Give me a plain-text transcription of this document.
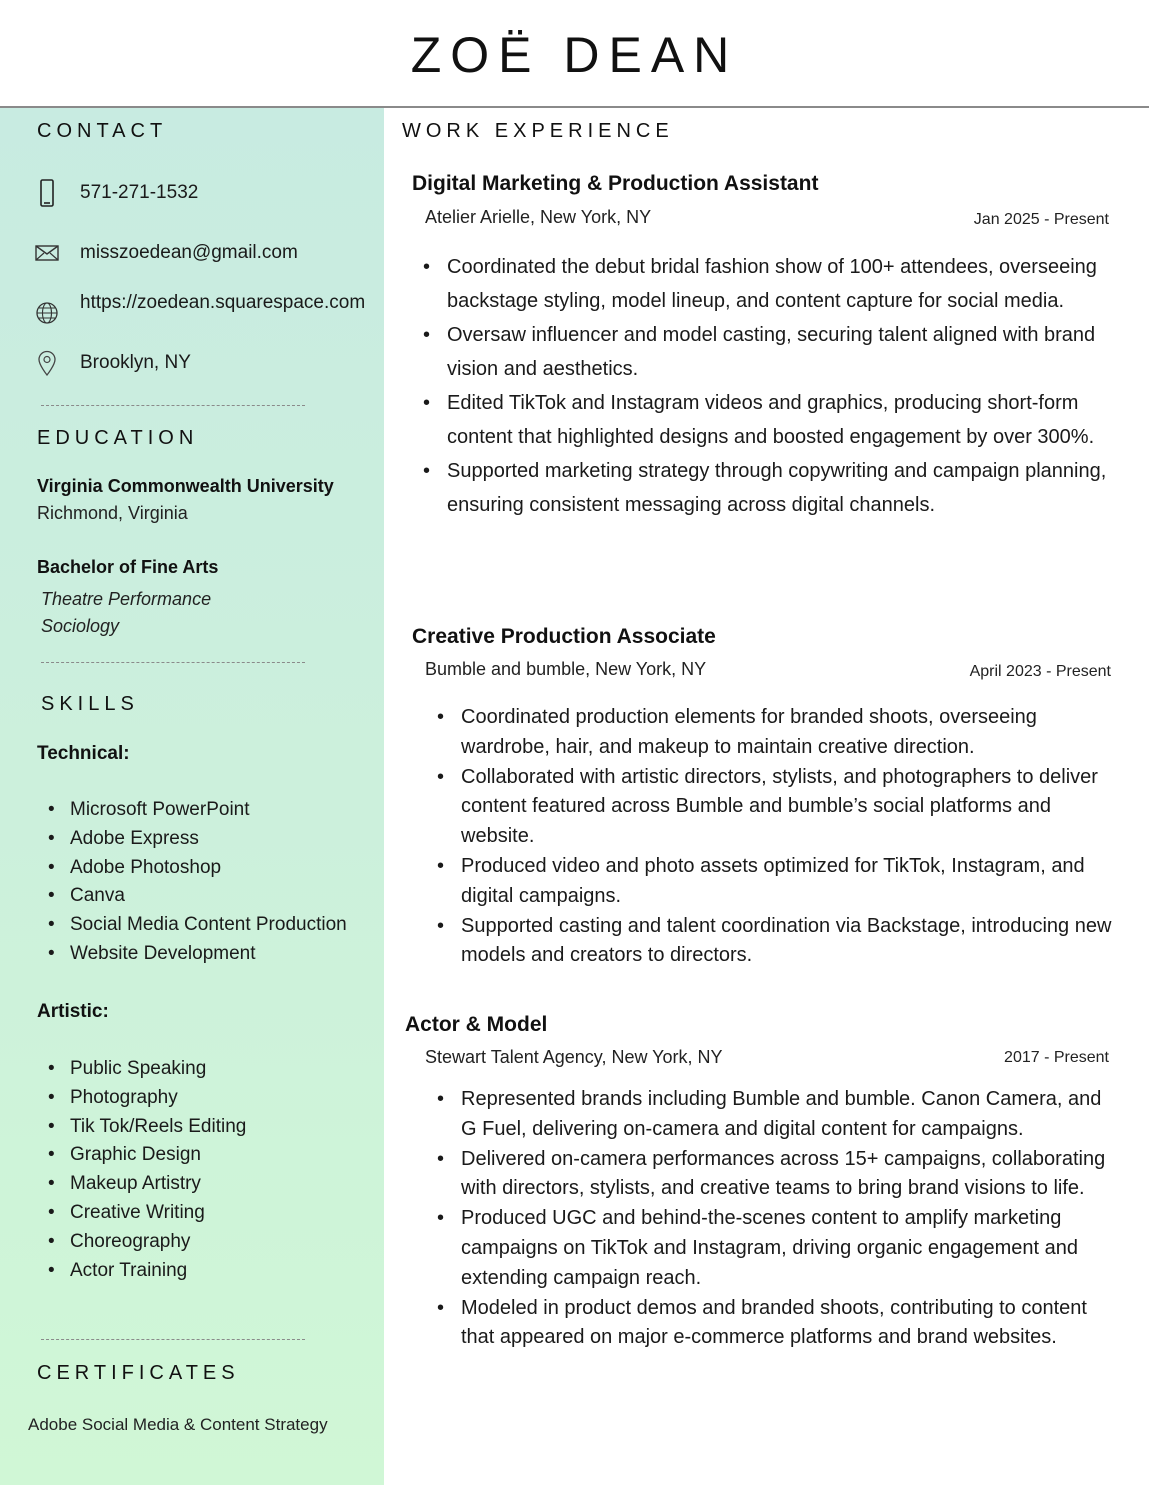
ZOË DEAN
CONTACT
571-271-1532
misszoedean@gmail.com
https://zoedean.squarespace.com
Brooklyn, NY
EDUCATION
Virginia Commonwealth University
Richmond, Virginia
Bachelor of Fine Arts
Theatre Performance
Sociology
SKILLS
Technical:
• Microsoft PowerPoint
• Adobe Express
• Adobe Photoshop
• Canva
• Social Media Content Production
• Website Development
Artistic:
• Public Speaking
• Photography
• Tik Tok/Reels Editing
• Graphic Design
• Makeup Artistry
• Creative Writing
• Choreography
• Actor Training
CERTIFICATES
Adobe Social Media & Content Strategy
WORK EXPERIENCE
Digital Marketing & Production Assistant
Atelier Arielle, New York, NY	Jan 2025 - Present
• Coordinated the debut bridal fashion show of 100+ attendees, overseeing backstage styling, model lineup, and content capture for social media.
• Oversaw influencer and model casting, securing talent aligned with brand vision and aesthetics.
• Edited TikTok and Instagram videos and graphics, producing short-form content that highlighted designs and boosted engagement by over 300%.
• Supported marketing strategy through copywriting and campaign planning, ensuring consistent messaging across digital channels.
Creative Production Associate
Bumble and bumble, New York, NY	April 2023 - Present
• Coordinated production elements for branded shoots, overseeing wardrobe, hair, and makeup to maintain creative direction.
• Collaborated with artistic directors, stylists, and photographers to deliver content featured across Bumble and bumble’s social platforms and website.
• Produced video and photo assets optimized for TikTok, Instagram, and digital campaigns.
• Supported casting and talent coordination via Backstage, introducing new models and creators to directors.
Actor & Model
Stewart Talent Agency, New York, NY	2017 - Present
• Represented brands including Bumble and bumble. Canon Camera, and G Fuel, delivering on-camera and digital content for campaigns.
• Delivered on-camera performances across 15+ campaigns, collaborating with directors, stylists, and creative teams to bring brand visions to life.
• Produced UGC and behind-the-scenes content to amplify marketing campaigns on TikTok and Instagram, driving organic engagement and extending campaign reach.
• Modeled in product demos and branded shoots, contributing to content that appeared on major e-commerce platforms and brand websites.
